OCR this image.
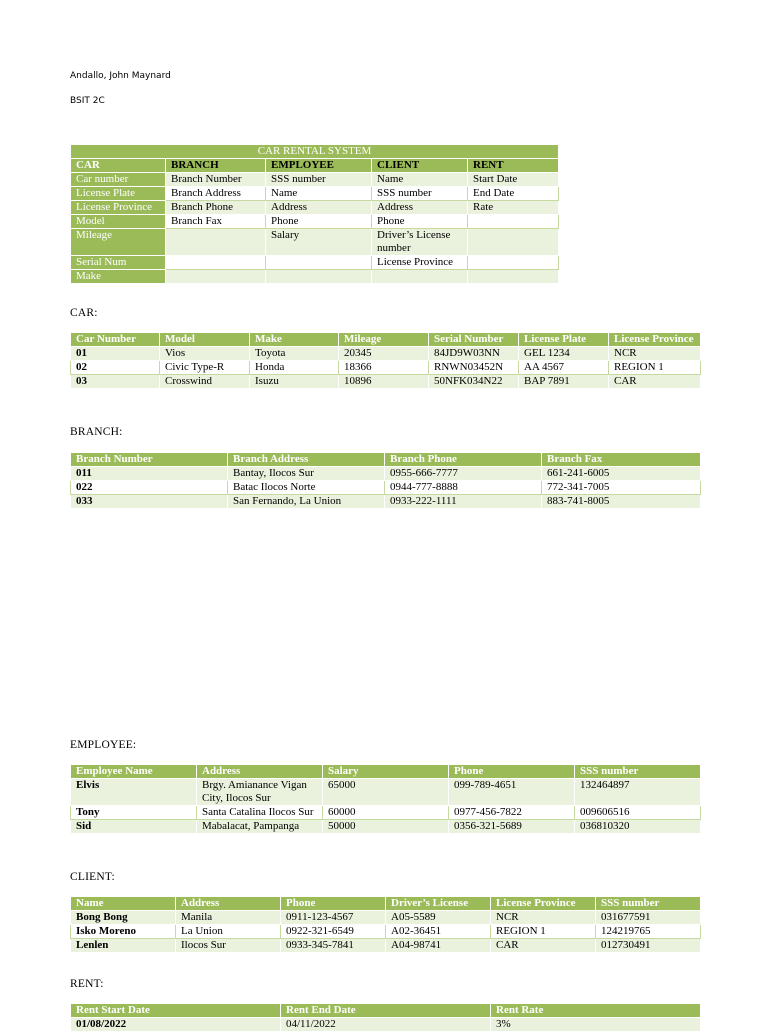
Andallo, John Maynard
BSIT 2C
CAR RENTAL SYSTEM				
CAR	BRANCH	EMPLOYEE	CLIENT	RENT
Car number	Branch Number	SSS number	Name	Start Date
License Plate	Branch Address	Name	SSS number	End Date
License Province	Branch Phone	Address	Address	Rate
Model	Branch Fax	Phone	Phone	
Mileage		Salary	Driver’s License number	
Serial Num			License Province	
Make				
CAR:
Car Number	Model	Make	Mileage	Serial Number	License Plate	License Province
01	Vios	Toyota	20345	84JD9W03NN	GEL 1234	NCR
02	Civic Type-R	Honda	18366	RNWN03452N	AA 4567	REGION 1
03	Crosswind	Isuzu	10896	50NFK034N22	BAP 7891	CAR
BRANCH:
Branch Number	Branch Address	Branch Phone	Branch Fax
011	Bantay, Ilocos Sur	0955-666-7777	661-241-6005
022	Batac Ilocos Norte	0944-777-8888	772-341-7005
033	San Fernando, La Union	0933-222-1111	883-741-8005
EMPLOYEE:
Employee Name	Address	Salary	Phone	SSS number
Elvis	Brgy. Amianance Vigan City, Ilocos Sur	65000	099-789-4651	132464897
Tony	Santa Catalina Ilocos Sur	60000	0977-456-7822	009606516
Sid	Mabalacat, Pampanga	50000	0356-321-5689	036810320
CLIENT:
Name	Address	Phone	Driver’s License	License Province	SSS number
Bong Bong	Manila	0911-123-4567	A05-5589	NCR	031677591
Isko Moreno	La Union	0922-321-6549	A02-36451	REGION 1	124219765
Lenlen	Ilocos Sur	0933-345-7841	A04-98741	CAR	012730491
RENT:
Rent Start Date	Rent End Date	Rent Rate
01/08/2022	04/11/2022	3%
